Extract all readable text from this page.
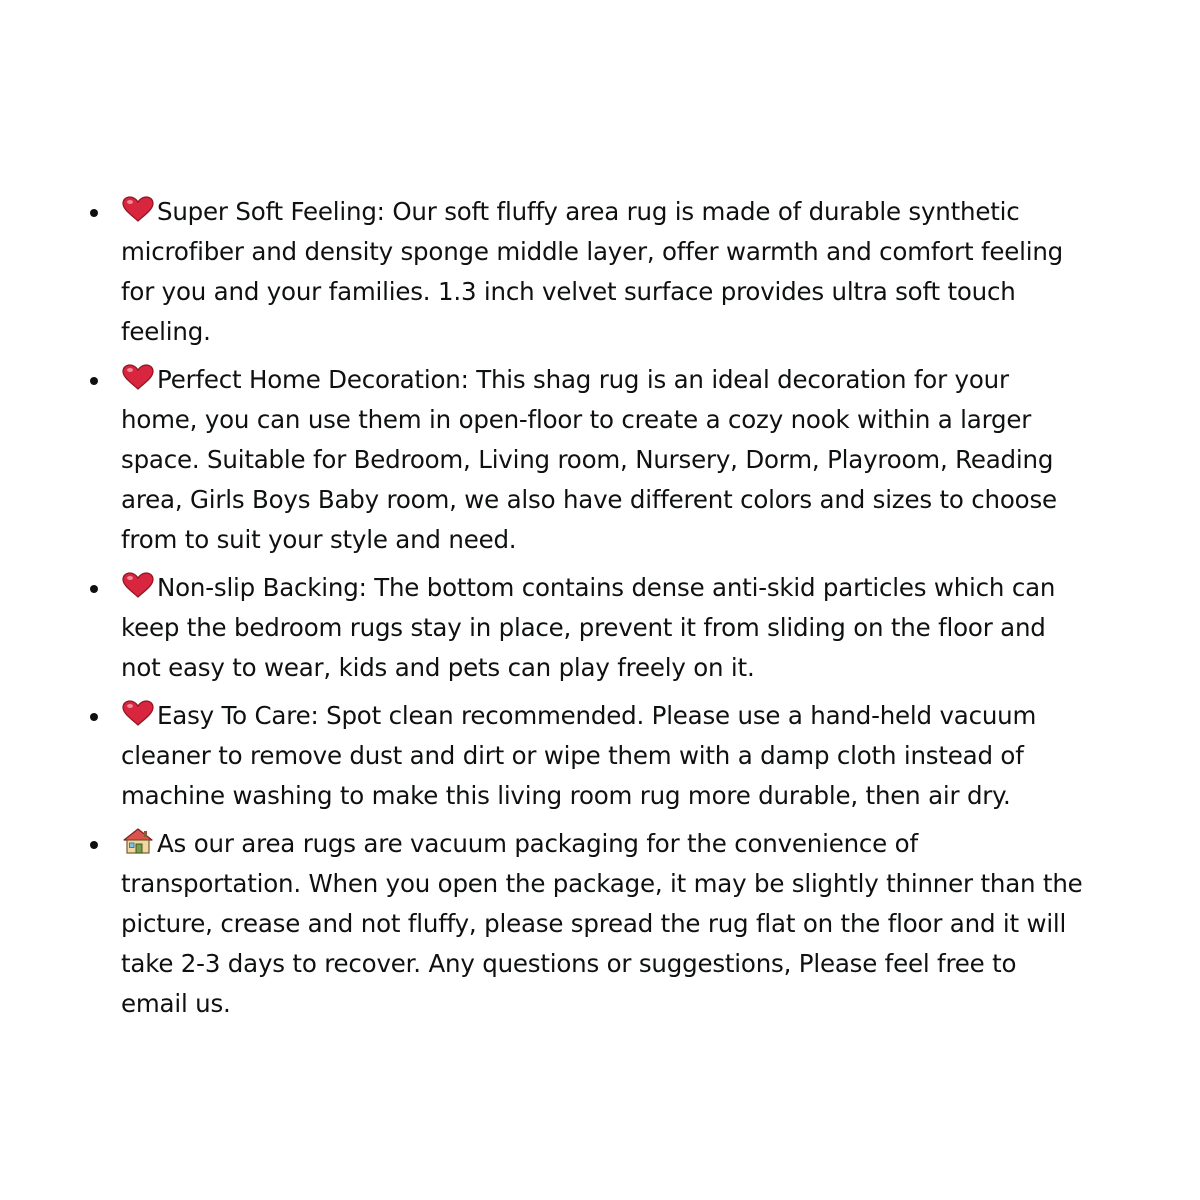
Super Soft Feeling: Our soft fluffy area rug is made of durable synthetic microfiber and density sponge middle layer, offer warmth and comfort feeling for you and your families. 1.3 inch velvet surface provides ultra soft touch feeling.
Perfect Home Decoration: This shag rug is an ideal decoration for your home, you can use them in open-floor to create a cozy nook within a larger space. Suitable for Bedroom, Living room, Nursery, Dorm, Playroom, Reading area, Girls Boys Baby room, we also have different colors and sizes to choose from to suit your style and need.
Non-slip Backing: The bottom contains dense anti-skid particles which can keep the bedroom rugs stay in place, prevent it from sliding on the floor and not easy to wear, kids and pets can play freely on it.
Easy To Care: Spot clean recommended. Please use a hand-held vacuum cleaner to remove dust and dirt or wipe them with a damp cloth instead of machine washing to make this living room rug more durable, then air dry.
As our area rugs are vacuum packaging for the convenience of transportation. When you open the package, it may be slightly thinner than the picture, crease and not fluffy, please spread the rug flat on the floor and it will take 2-3 days to recover. Any questions or suggestions, Please feel free to email us.
